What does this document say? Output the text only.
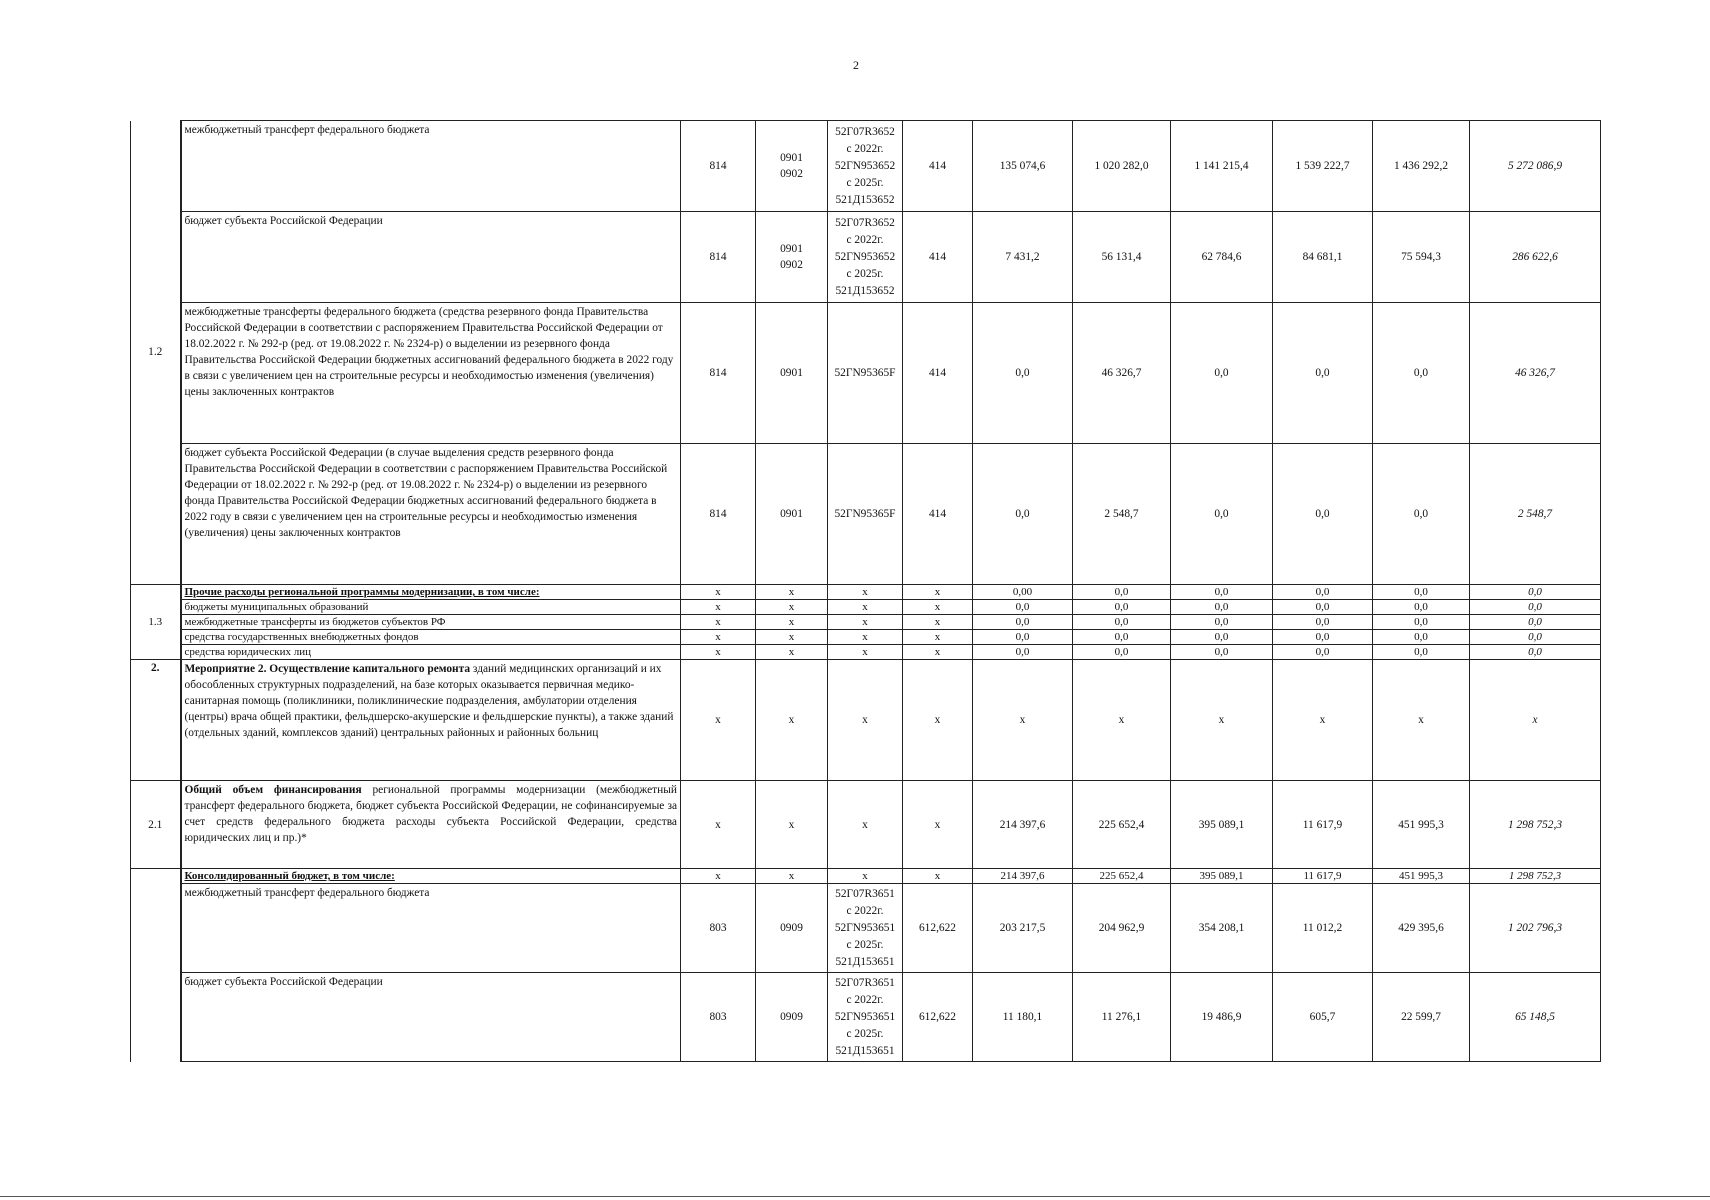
2
1.2	межбюджетный трансферт федерального бюджета	814	0901
0902	52Г07R3652
с 2022г.
52ГN953652
с 2025г.
521Д153652	414	135 074,6	1 020 282,0	1 141 215,4	1 539 222,7	1 436 292,2	5 272 086,9
	бюджет субъекта Российской Федерации	814	0901
0902	52Г07R3652
с 2022г.
52ГN953652
с 2025г.
521Д153652	414	7 431,2	56 131,4	62 784,6	84 681,1	75 594,3	286 622,6
	межбюджетные трансферты федерального бюджета (средства резервного фонда Правительства Российской Федерации в соответствии с распоряжением Правительства Российской Федерации от 18.02.2022 г. № 292-р (ред. от 19.08.2022 г. № 2324-р) о выделении из резервного фонда Правительства Российской Федерации бюджетных ассигнований федерального бюджета в 2022 году в связи с увеличением цен на строительные ресурсы и необходимостью изменения (увеличения) цены заключенных контрактов	814	0901	52ГN95365F	414	0,0	46 326,7	0,0	0,0	0,0	46 326,7
	бюджет субъекта Российской Федерации (в случае выделения средств резервного фонда Правительства Российской Федерации в соответствии с распоряжением Правительства Российской Федерации от 18.02.2022 г. № 292-р (ред. от 19.08.2022 г. № 2324-р) о выделении из резервного фонда Правительства Российской Федерации бюджетных ассигнований федерального бюджета в 2022 году в связи с увеличением цен на строительные ресурсы и необходимостью изменения (увеличения) цены заключенных контрактов	814	0901	52ГN95365F	414	0,0	2 548,7	0,0	0,0	0,0	2 548,7
1.3	Прочие расходы региональной программы модернизации, в том числе:	x	x	x	x	0,00	0,0	0,0	0,0	0,0	0,0
	бюджеты муниципальных образований	x	x	x	x	0,0	0,0	0,0	0,0	0,0	0,0
	межбюджетные трансферты из бюджетов субъектов РФ	x	x	x	x	0,0	0,0	0,0	0,0	0,0	0,0
	средства государственных внебюджетных фондов	x	x	x	x	0,0	0,0	0,0	0,0	0,0	0,0
	средства юридических лиц	x	x	x	x	0,0	0,0	0,0	0,0	0,0	0,0
2.	Мероприятие 2. Осуществление капитального ремонта зданий медицинских организаций и их обособленных структурных подразделений, на базе которых оказывается первичная медико-санитарная помощь (поликлиники, поликлинические подразделения, амбулатории отделения (центры) врача общей практики, фельдшерско-акушерские и фельдшерские пункты), а также зданий (отдельных зданий, комплексов зданий) центральных районных и районных больниц	x	x	x	x	x	x	x	x	x	x
2.1	Общий объем финансирования региональной программы модернизации (межбюджетный трансферт федерального бюджета, бюджет субъекта Российской Федерации, не софинансируемые за счет средств федерального бюджета расходы субъекта Российской Федерации, средства юридических лиц и пр.)*	x	x	x	x	214 397,6	225 652,4	395 089,1	11 617,9	451 995,3	1 298 752,3
	Консолидированный бюджет, в том числе:	x	x	x	x	214 397,6	225 652,4	395 089,1	11 617,9	451 995,3	1 298 752,3
	межбюджетный трансферт федерального бюджета	803	0909	52Г07R3651
с 2022г.
52ГN953651
с 2025г.
521Д153651	612,622	203 217,5	204 962,9	354 208,1	11 012,2	429 395,6	1 202 796,3
	бюджет субъекта Российской Федерации	803	0909	52Г07R3651
с 2022г.
52ГN953651
с 2025г.
521Д153651	612,622	11 180,1	11 276,1	19 486,9	605,7	22 599,7	65 148,5
